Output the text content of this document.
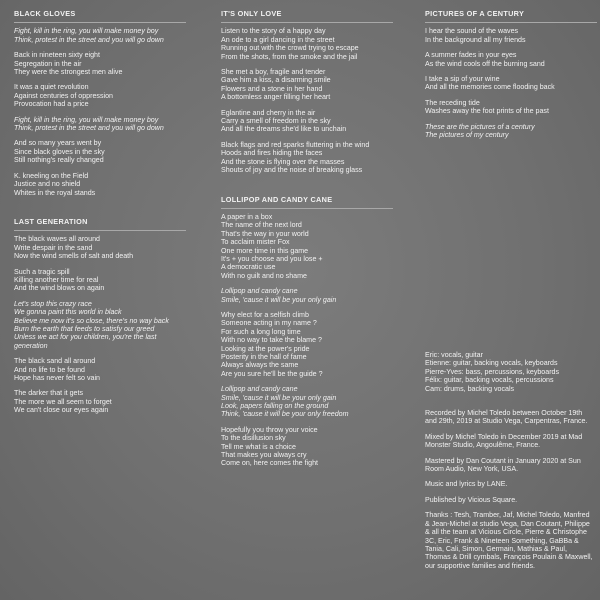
BLACK GLOVES
Fight, kill in the ring, you will make money boy
Think, protest in the street and you will go down
Back in nineteen sixty eight
Segregation in the air
They were the strongest men alive
It was a quiet revolution
Against centuries of oppression
Provocation had a price
Fight, kill in the ring, you will make money boy
Think, protest in the street and you will go down
And so many years went by
Since black gloves in the sky
Still nothing's really changed
K. kneeling on the Field
Justice and no shield
Whites in the royal stands
LAST GENERATION
The black waves all around
Write despair in the sand
Now the wind smells of salt and death
Such a tragic spill
Killing another time for real
And the wind blows on again
Let's stop this crazy race
We gonna paint this world in black
Believe me now it's so close, there's no way back
Burn the earth that feeds to satisfy our greed
Unless we act for you children, you're the last
generation
The black sand all around
And no life to be found
Hope has never felt so vain
The darker that it gets
The more we all seem to forget
We can't close our eyes again
IT'S ONLY LOVE
Listen to the story of a happy day
An ode to a girl dancing in the street
Running out with the crowd trying to escape
From the shots, from the smoke and the jail
She met a boy, fragile and tender
Gave him a kiss, a disarming smile
Flowers and a stone in her hand
A bottomless anger filling her heart
Eglantine and cherry in the air
Carry a smell of freedom in the sky
And all the dreams she'd like to unchain
Black flags and red sparks fluttering in the wind
Hoods and fires hiding the faces
And the stone is flying over the masses
Shouts of joy and the noise of breaking glass
LOLLIPOP AND CANDY CANE
A paper in a box
The name of the next lord
That's the way in your world
To acclaim mister Fox
One more time in this game
It's + you choose and you lose +
A democratic use
With no guilt and no shame
Lollipop and candy cane
Smile, 'cause it will be your only gain
Why elect for a selfish climb
Someone acting in my name ?
For such a long long time
With no way to take the blame ?
Looking at the power's pride
Posterity in the hall of fame
Always always the same
Are you sure he'll be the guide ?
Lollipop and candy cane
Smile, 'cause it will be your only gain
Look, papers falling on the ground
Think, 'cause it will be your only freedom
Hopefully you throw your voice
To the disillusion sky
Tell me what is a choice
That makes you always cry
Come on, here comes the fight
PICTURES OF A CENTURY
I hear the sound of the waves
In the background all my friends
A summer fades in your eyes
As the wind cools off the burning sand
I take a sip of your wine
And all the memories come flooding back
The receding tide
Washes away the foot prints of the past
These are the pictures of a century
The pictures of my century
Eric: vocals, guitar
Etienne: guitar, backing vocals, keyboards
Pierre-Yves: bass, percussions, keyboards
Félix: guitar, backing vocals, percussions
Cam: drums, backing vocals
Recorded by Michel Toledo between October 19th and 29th, 2019 at Studio Vega, Carpentras, France.
Mixed by Michel Toledo in December 2019 at Mad Monster Studio, Angoulême, France.
Mastered by Dan Coutant in January 2020 at Sun Room Audio, New York, USA.
Music and lyrics by LANE.
Published by Vicious Square.
Thanks : Tesh, Tramber, Jaf, Michel Toledo, Manfred & Jean-Michel at studio Vega, Dan Coutant, Philippe & all the team at Vicious Circle, Pierre & Christophe 3C, Eric, Frank & Nineteen Something, GaBBa & Tania, Cali, Simon, Germain, Mathias & Paul, Thomas & Drill cymbals, François Poulain & Maxwell, our supportive families and friends.
